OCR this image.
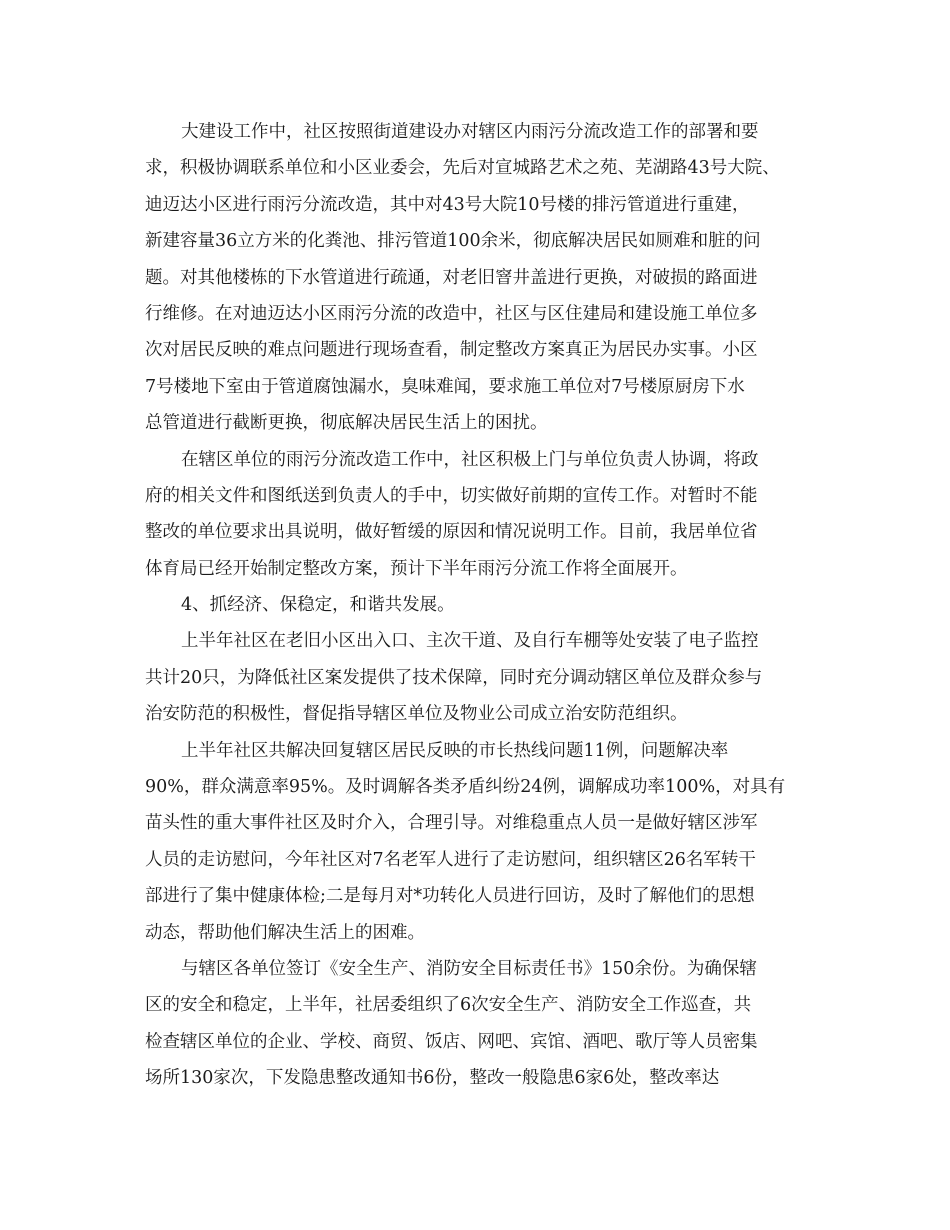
大建设工作中，社区按照街道建设办对辖区内雨污分流改造工作的部署和要
求，积极协调联系单位和小区业委会，先后对宣城路艺术之苑、芜湖路43号大院、
迪迈达小区进行雨污分流改造，其中对43号大院10号楼的排污管道进行重建，
新建容量36立方米的化粪池、排污管道100余米，彻底解决居民如厕难和脏的问
题。对其他楼栋的下水管道进行疏通，对老旧窨井盖进行更换，对破损的路面进
行维修。在对迪迈达小区雨污分流的改造中，社区与区住建局和建设施工单位多
次对居民反映的难点问题进行现场查看，制定整改方案真正为居民办实事。小区
7号楼地下室由于管道腐蚀漏水，臭味难闻，要求施工单位对7号楼原厨房下水
总管道进行截断更换，彻底解决居民生活上的困扰。
在辖区单位的雨污分流改造工作中，社区积极上门与单位负责人协调，将政
府的相关文件和图纸送到负责人的手中，切实做好前期的宣传工作。对暂时不能
整改的单位要求出具说明，做好暂缓的原因和情况说明工作。目前，我居单位省
体育局已经开始制定整改方案，预计下半年雨污分流工作将全面展开。
4、抓经济、保稳定，和谐共发展。
上半年社区在老旧小区出入口、主次干道、及自行车棚等处安装了电子监控
共计20只，为降低社区案发提供了技术保障，同时充分调动辖区单位及群众参与
治安防范的积极性，督促指导辖区单位及物业公司成立治安防范组织。
上半年社区共解决回复辖区居民反映的市长热线问题11例，问题解决率
90%，群众满意率95%。及时调解各类矛盾纠纷24例，调解成功率100%，对具有
苗头性的重大事件社区及时介入，合理引导。对维稳重点人员一是做好辖区涉军
人员的走访慰问，今年社区对7名老军人进行了走访慰问，组织辖区26名军转干
部进行了集中健康体检;二是每月对*功转化人员进行回访，及时了解他们的思想
动态，帮助他们解决生活上的困难。
与辖区各单位签订《安全生产、消防安全目标责任书》150余份。为确保辖
区的安全和稳定，上半年，社居委组织了6次安全生产、消防安全工作巡查，共
检查辖区单位的企业、学校、商贸、饭店、网吧、宾馆、酒吧、歌厅等人员密集
场所130家次，下发隐患整改通知书6份，整改一般隐患6家6处，整改率达
